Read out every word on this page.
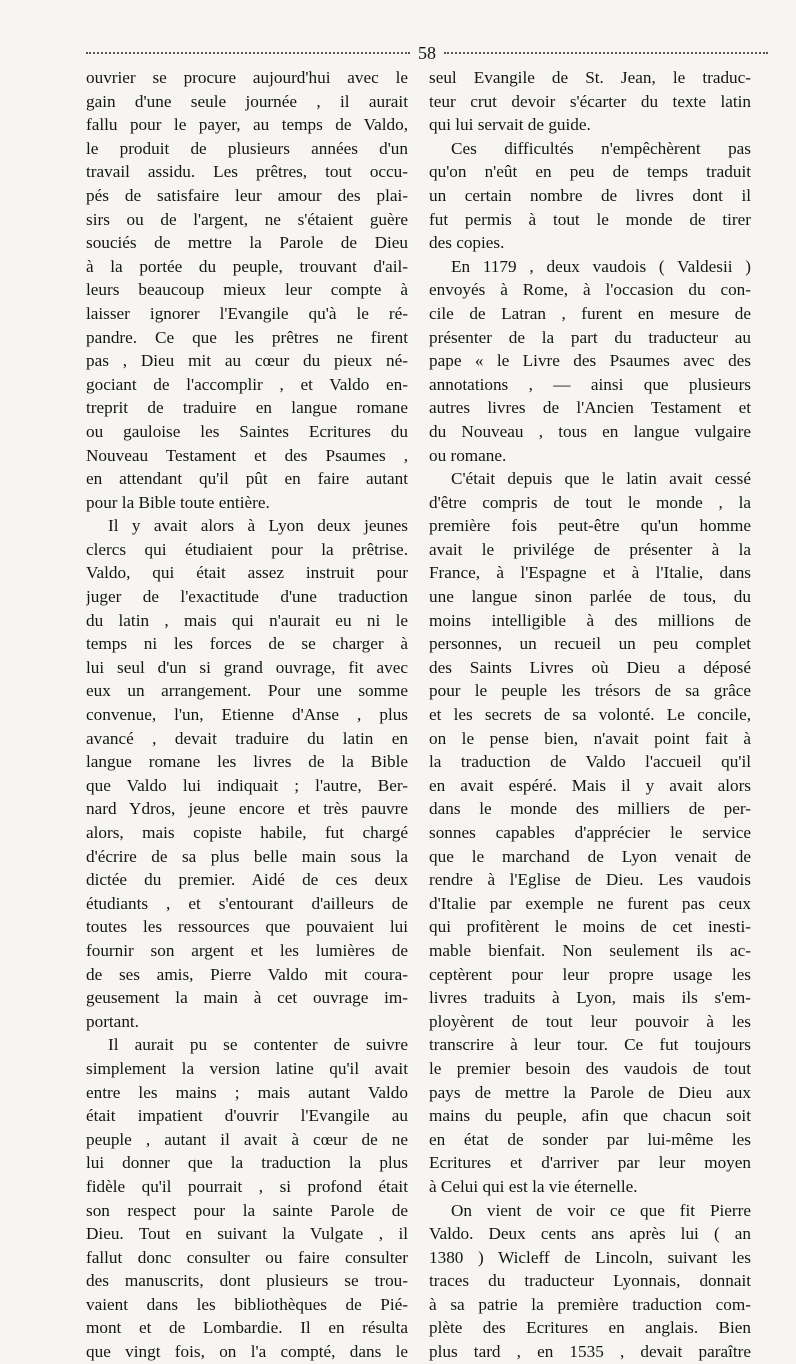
58
ouvrier se procure aujourd'hui avec le
gain d'une seule journée , il aurait
fallu pour le payer, au temps de Valdo,
le produit de plusieurs années d'un
travail assidu. Les prêtres, tout occu-
pés de satisfaire leur amour des plai-
sirs ou de l'argent, ne s'étaient guère
souciés de mettre la Parole de Dieu
à la portée du peuple, trouvant d'ail-
leurs beaucoup mieux leur compte à
laisser ignorer l'Evangile qu'à le ré-
pandre. Ce que les prêtres ne firent
pas , Dieu mit au cœur du pieux né-
gociant de l'accomplir , et Valdo en-
treprit de traduire en langue romane
ou gauloise les Saintes Ecritures du
Nouveau Testament et des Psaumes ,
en attendant qu'il pût en faire autant
pour la Bible toute entière.
Il y avait alors à Lyon deux jeunes
clercs qui étudiaient pour la prêtrise.
Valdo, qui était assez instruit pour
juger de l'exactitude d'une traduction
du latin , mais qui n'aurait eu ni le
temps ni les forces de se charger à
lui seul d'un si grand ouvrage, fit avec
eux un arrangement. Pour une somme
convenue, l'un, Etienne d'Anse , plus
avancé , devait traduire du latin en
langue romane les livres de la Bible
que Valdo lui indiquait ; l'autre, Ber-
nard Ydros, jeune encore et très pauvre
alors, mais copiste habile, fut chargé
d'écrire de sa plus belle main sous la
dictée du premier. Aidé de ces deux
étudiants , et s'entourant d'ailleurs de
toutes les ressources que pouvaient lui
fournir son argent et les lumières de
de ses amis, Pierre Valdo mit coura-
geusement la main à cet ouvrage im-
portant.
Il aurait pu se contenter de suivre
simplement la version latine qu'il avait
entre les mains ; mais autant Valdo
était impatient d'ouvrir l'Evangile au
peuple , autant il avait à cœur de ne
lui donner que la traduction la plus
fidèle qu'il pourrait , si profond était
son respect pour la sainte Parole de
Dieu. Tout en suivant la Vulgate , il
fallut donc consulter ou faire consulter
des manuscrits, dont plusieurs se trou-
vaient dans les bibliothèques de Pié-
mont et de Lombardie. Il en résulta
que vingt fois, on l'a compté, dans le
seul Evangile de St. Jean, le traduc-
teur crut devoir s'écarter du texte latin
qui lui servait de guide.
Ces difficultés n'empêchèrent pas
qu'on n'eût en peu de temps traduit
un certain nombre de livres dont il
fut permis à tout le monde de tirer
des copies.
En 1179 , deux vaudois ( Valdesii )
envoyés à Rome, à l'occasion du con-
cile de Latran , furent en mesure de
présenter de la part du traducteur au
pape « le Livre des Psaumes avec des
annotations , — ainsi que plusieurs
autres livres de l'Ancien Testament et
du Nouveau , tous en langue vulgaire
ou romane.
C'était depuis que le latin avait cessé
d'être compris de tout le monde , la
première fois peut-être qu'un homme
avait le privilége de présenter à la
France, à l'Espagne et à l'Italie, dans
une langue sinon parlée de tous, du
moins intelligible à des millions de
personnes, un recueil un peu complet
des Saints Livres où Dieu a déposé
pour le peuple les trésors de sa grâce
et les secrets de sa volonté. Le concile,
on le pense bien, n'avait point fait à
la traduction de Valdo l'accueil qu'il
en avait espéré. Mais il y avait alors
dans le monde des milliers de per-
sonnes capables d'apprécier le service
que le marchand de Lyon venait de
rendre à l'Eglise de Dieu. Les vaudois
d'Italie par exemple ne furent pas ceux
qui profitèrent le moins de cet inesti-
mable bienfait. Non seulement ils ac-
ceptèrent pour leur propre usage les
livres traduits à Lyon, mais ils s'em-
ployèrent de tout leur pouvoir à les
transcrire à leur tour. Ce fut toujours
le premier besoin des vaudois de tout
pays de mettre la Parole de Dieu aux
mains du peuple, afin que chacun soit
en état de sonder par lui-même les
Ecritures et d'arriver par leur moyen
à Celui qui est la vie éternelle.
On vient de voir ce que fit Pierre
Valdo. Deux cents ans après lui ( an
1380 ) Wicleff de Lincoln, suivant les
traces du traducteur Lyonnais, donnait
à sa patrie la première traduction com-
plète des Ecritures en anglais. Bien
plus tard , en 1535 , devait paraître
